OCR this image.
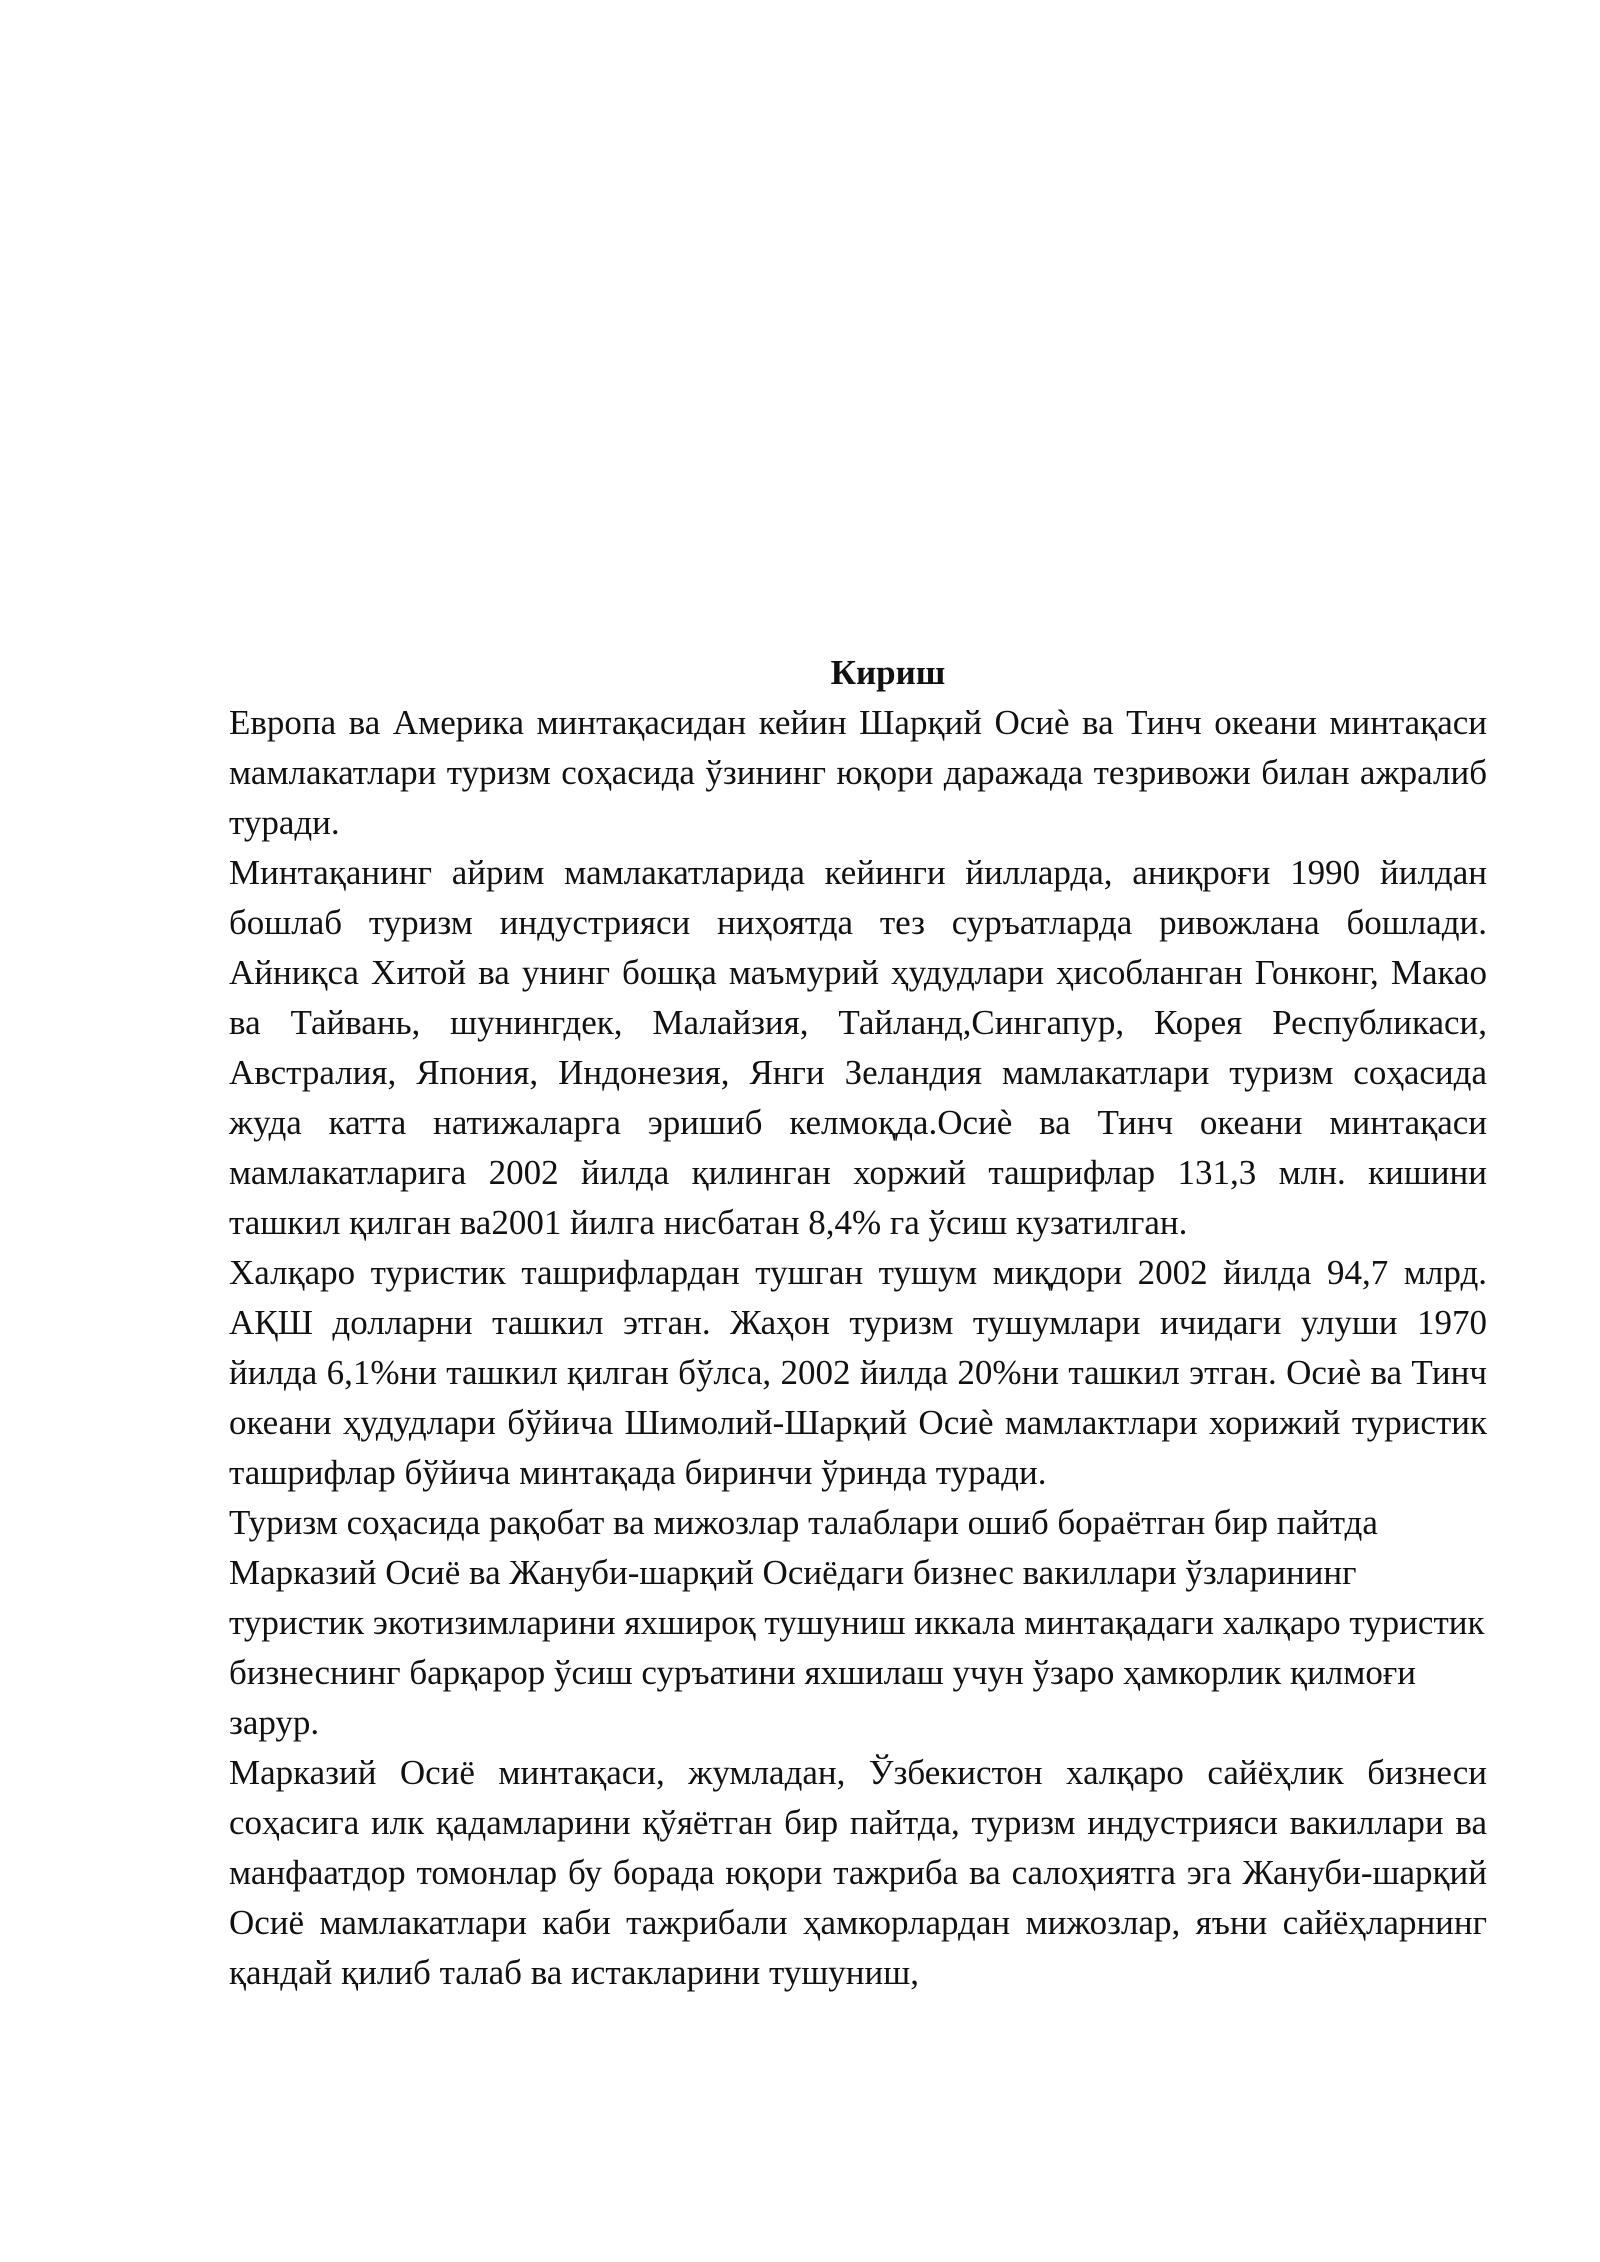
Кириш

Европа ва Америка минтақасидан кейин Шарқий Осиѐ ва Тинч океани минтақаси мамлакатлари туризм соҳасида ўзининг юқори даражада тезривожи билан ажралиб туради.

Минтақанинг айрим мамлакатларида кейинги йилларда, аниқроғи 1990 йилдан бошлаб туризм индустрияси ниҳоятда тез суръатларда ривожлана бошлади. Айниқса Хитой ва унинг бошқа маъмурий ҳудудлари ҳисобланган Гонконг, Макао ва Тайвань, шунингдек, Малайзия, Тайланд,Сингапур, Корея Республикаси, Австралия, Япония, Индонезия, Янги Зеландия мамлакатлари туризм соҳасида жуда катта натижаларга эришиб келмоқда.Осиѐ ва Тинч океани минтақаси мамлакатларига 2002 йилда қилинган хоржий ташрифлар 131,3 млн. кишини ташкил қилган ва2001 йилга нисбатан 8,4% га ўсиш кузатилган.

Халқаро туристик ташрифлардан тушган тушум миқдори 2002 йилда 94,7 млрд. АҚШ долларни ташкил этган. Жаҳон туризм тушумлари ичидаги улуши 1970 йилда 6,1%ни ташкил қилган бўлса, 2002 йилда 20%ни ташкил этган. Осиѐ ва Тинч океани ҳудудлари бўйича Шимолий-Шарқий Осиѐ мамлактлари хорижий туристик ташрифлар бўйича минтақада биринчи ўринда туради.

Туризм соҳасида рақобат ва мижозлар талаблари ошиб бораётган бир пайтда Марказий Осиё ва Жануби-шарқий Осиёдаги бизнес вакиллари ўзларининг туристик экотизимларини яхшироқ тушуниш иккала минтақадаги халқаро туристик бизнеснинг барқарор ўсиш суръатини яхшилаш учун ўзаро ҳамкорлик қилмоғи зарур.

Марказий Осиё минтақаси, жумладан, Ўзбекистон халқаро сайёҳлик бизнеси соҳасига илк қадамларини қўяётган бир пайтда, туризм индустрияси вакиллари ва манфаатдор томонлар бу борада юқори тажриба ва салоҳиятга эга Жануби-шарқий Осиё мамлакатлари каби тажрибали ҳамкорлардан мижозлар, яъни сайёҳларнинг қандай қилиб талаб ва истакларини тушуниш,
